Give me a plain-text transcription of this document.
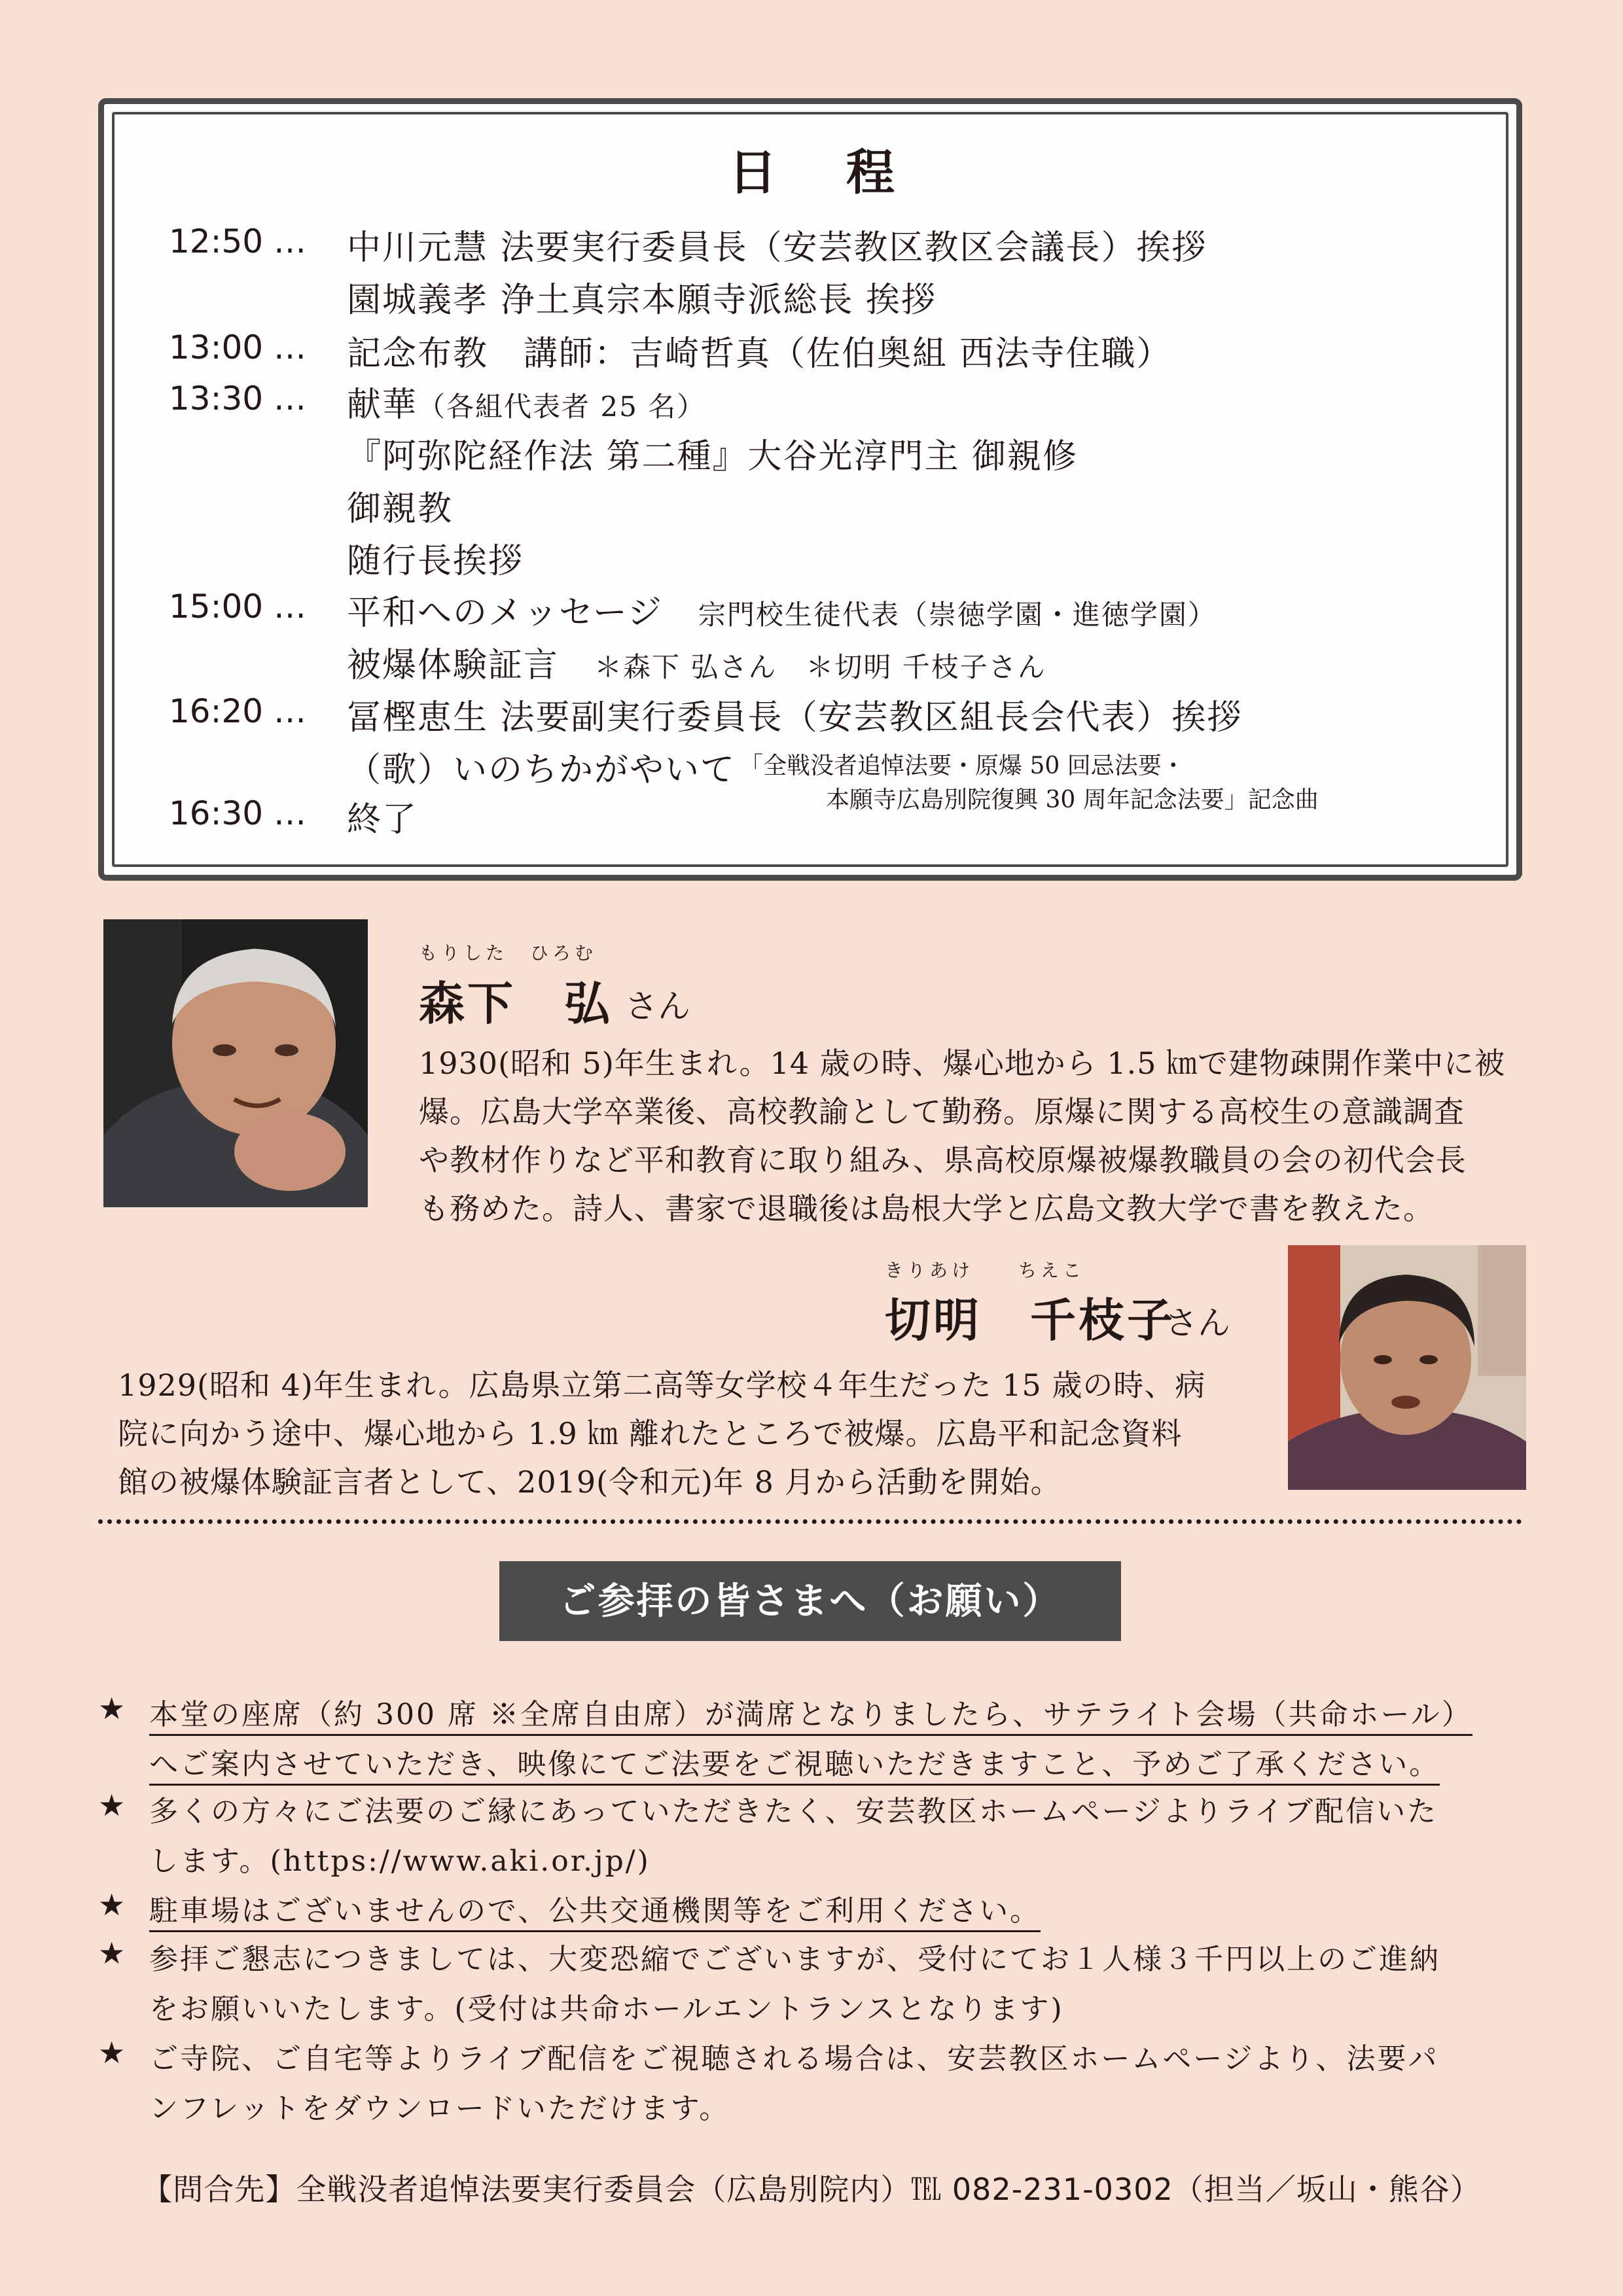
日 程
12:50 …	中川元慧 法要実行委員長（安芸教区教区会議長）挨拶
園城義孝 浄土真宗本願寺派総長 挨拶
13:00 …	記念布教　講師：吉崎哲真（佐伯奥組 西法寺住職）
13:30 …	献華（各組代表者 25 名）
『阿弥陀経作法 第二種』大谷光淳門主 御親修
御親教
随行長挨拶
15:00 …	平和へのメッセージ　 宗門校生徒代表（崇徳学園・進徳学園）
被爆体験証言　 ＊森下 弘さん　＊切明 千枝子さん
16:20 …	冨樫恵生 法要副実行委員長（安芸教区組長会代表）挨拶
（歌）いのちかがやいて 「全戦没者追悼法要・原爆 50 回忌法要・
本願寺広島別院復興 30 周年記念法要」記念曲
16:30 …	終了
もりした　ひろむ
森下　弘 さん
1930(昭和 5)年生まれ。14 歳の時、爆心地から 1.5 ㎞で建物疎開作業中に被
爆。広島大学卒業後、高校教諭として勤務。原爆に関する高校生の意識調査
や教材作りなど平和教育に取り組み、県高校原爆被爆教職員の会の初代会長
も務めた。詩人、書家で退職後は島根大学と広島文教大学で書を教えた。
きりあけ　　ちえこ
切明　千枝子
さん
1929(昭和 4)年生まれ。広島県立第二高等女学校４年生だった 15 歳の時、病
院に向かう途中、爆心地から 1.9 ㎞ 離れたところで被爆。広島平和記念資料
館の被爆体験証言者として、2019(令和元)年 8 月から活動を開始。
ご参拝の皆さまへ（お願い）
★ 本堂の座席（約 300 席 ※全席自由席）が満席となりましたら、サテライト会場（共命ホール）
へご案内させていただき、映像にてご法要をご視聴いただきますこと、予めご了承ください。
★ 多くの方々にご法要のご縁にあっていただきたく、安芸教区ホームページよりライブ配信いた
します。(https://www.aki.or.jp/)
★ 駐車場はございませんので、公共交通機関等をご利用ください。
★ 参拝ご懇志につきましては、大変恐縮でございますが、受付にてお１人様３千円以上のご進納
をお願いいたします。(受付は共命ホールエントランスとなります)
★ ご寺院、ご自宅等よりライブ配信をご視聴される場合は、安芸教区ホームページより、法要パ
ンフレットをダウンロードいただけます。
【問合先】全戦没者追悼法要実行委員会（広島別院内）℡ 082-231-0302（担当／坂山・熊谷）
